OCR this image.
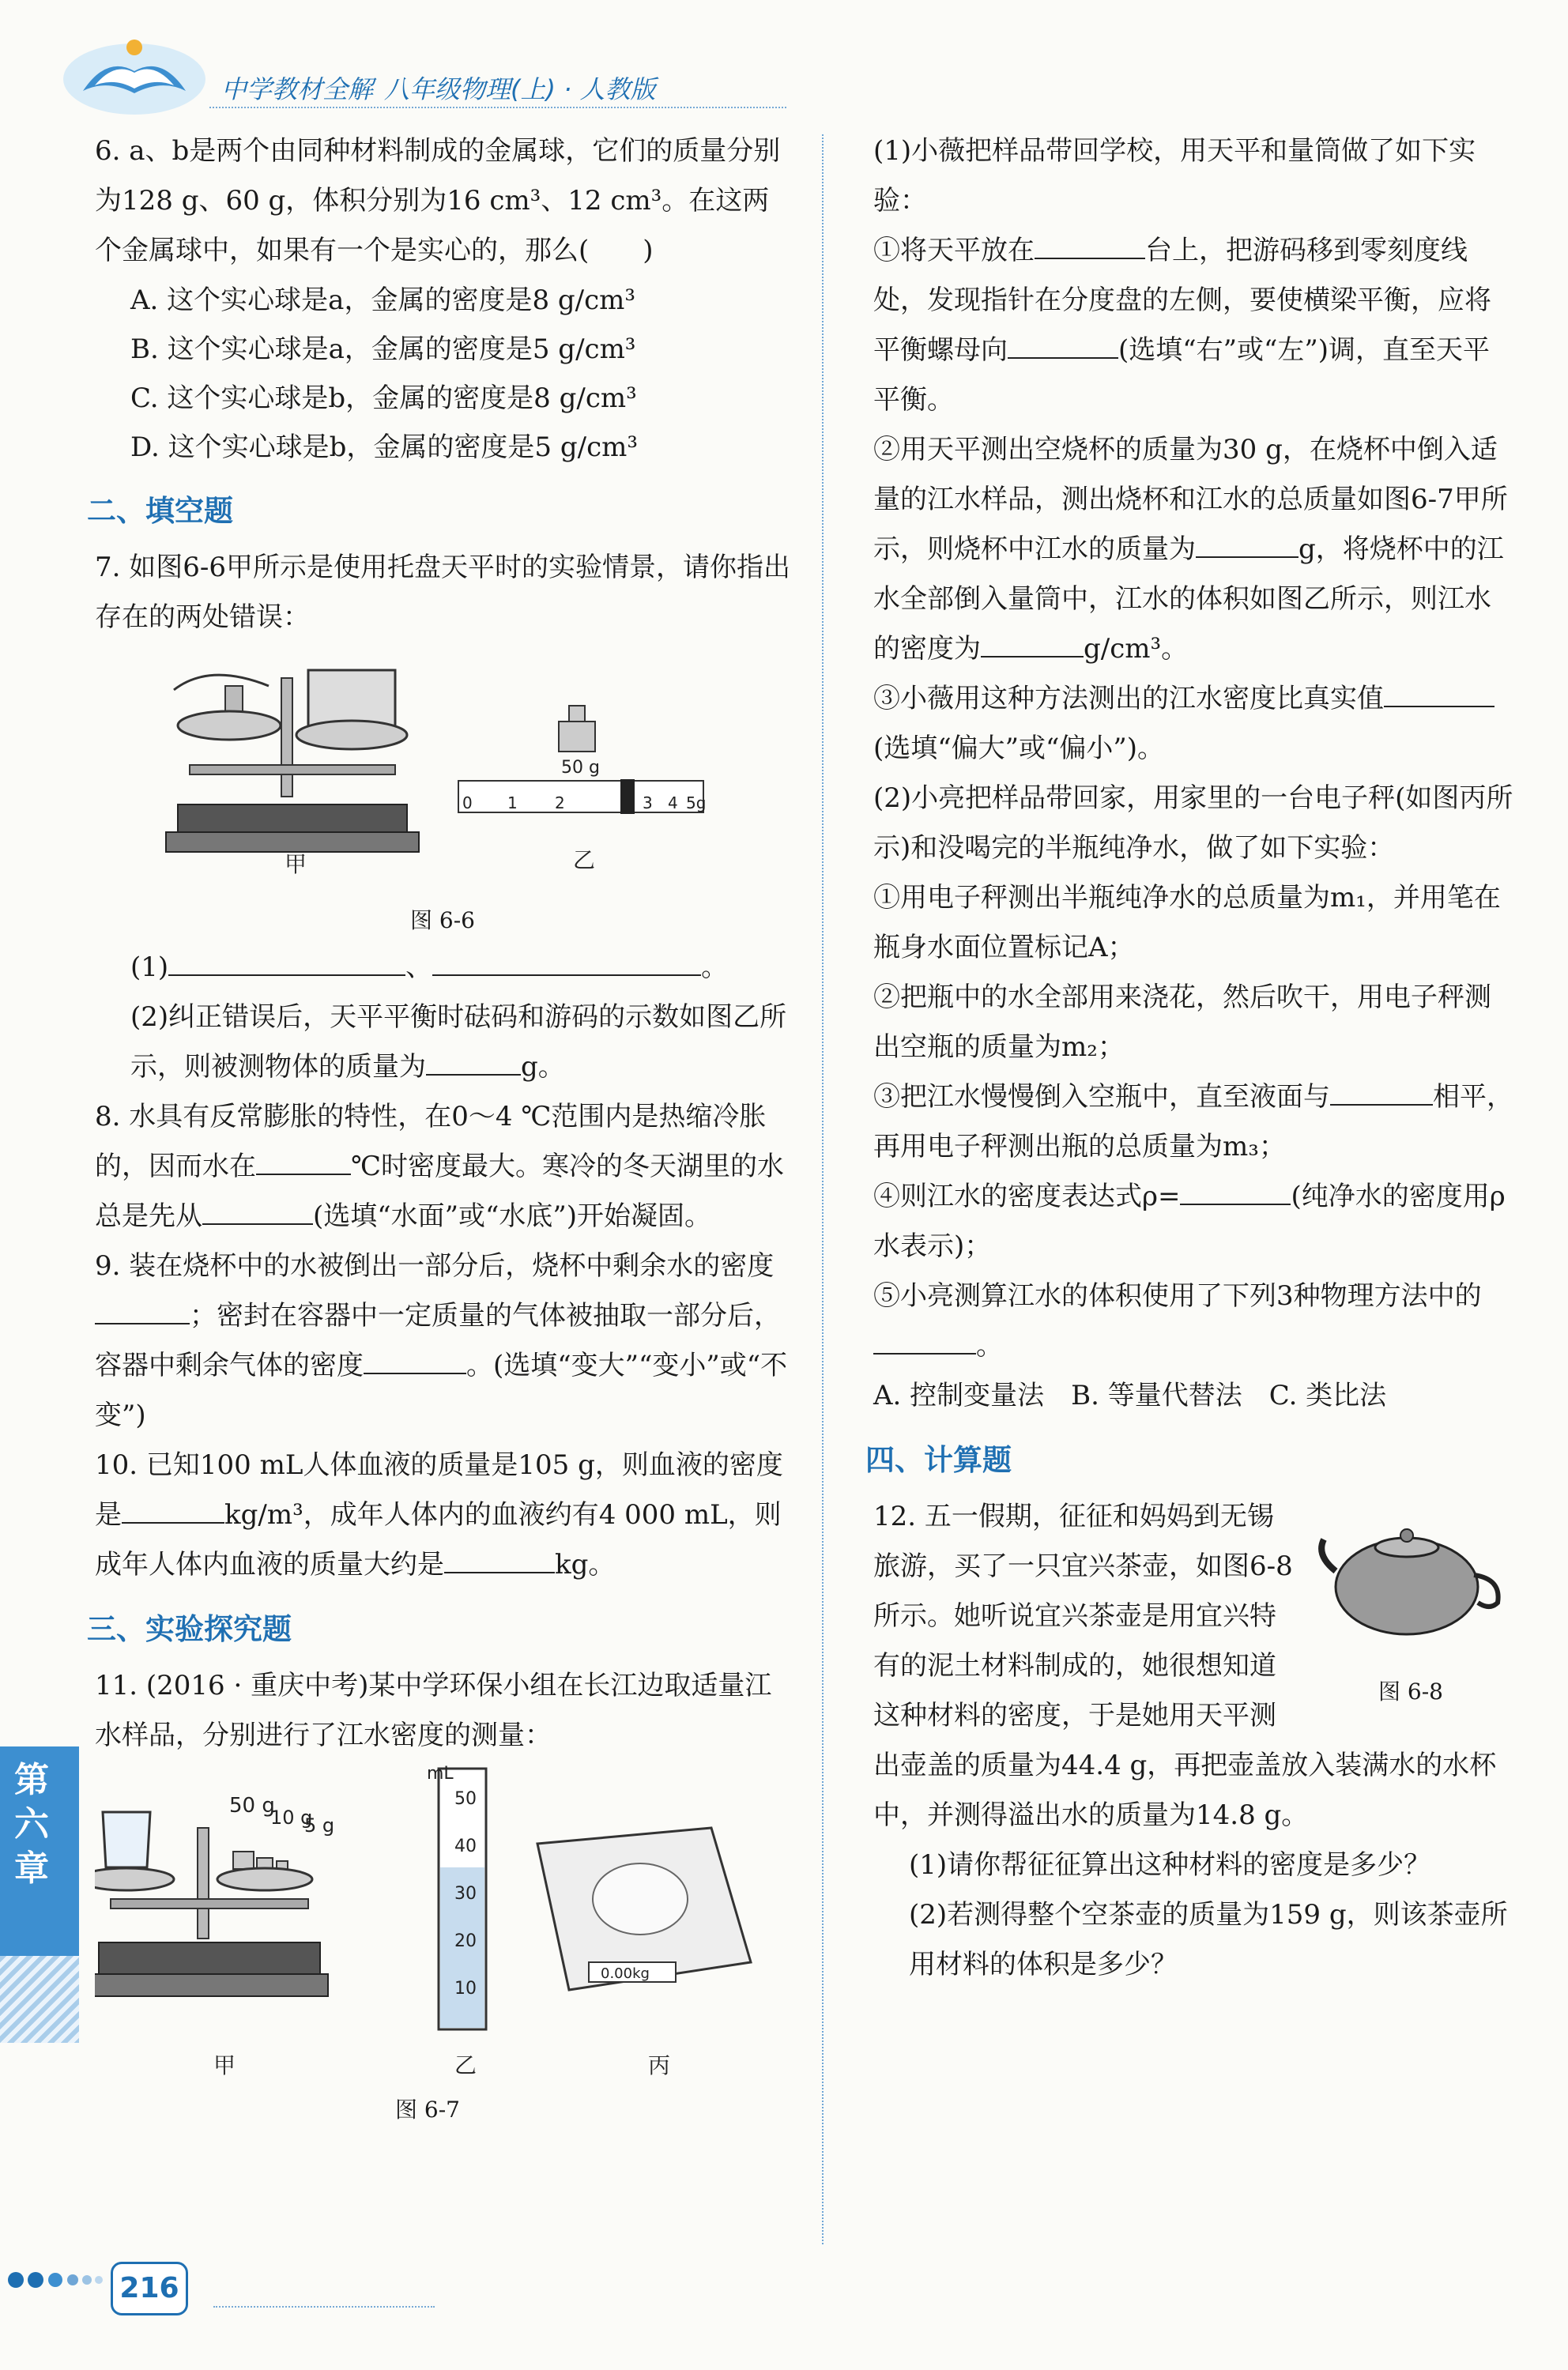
中学教材全解 八年级物理(上) · 人教版

6. a、b是两个由同种材料制成的金属球，它们的质量分别为128 g、60 g，体积分别为16 cm³、12 cm³。在这两个金属球中，如果有一个是实心的，那么(　　)

A. 这个实心球是a，金属的密度是8 g/cm³

B. 这个实心球是a，金属的密度是5 g/cm³

C. 这个实心球是b，金属的密度是8 g/cm³

D. 这个实心球是b，金属的密度是5 g/cm³

二、填空题

7. 如图6-6甲所示是使用托盘天平时的实验情景，请你指出存在的两处错误：

甲
50 g
0 1 2	3 4 5g
乙
图 6-6

(1)	、	。

(2)纠正错误后，天平平衡时砝码和游码的示数如图乙所示，则被测物体的质量为	g。

8. 水具有反常膨胀的特性，在0～4 ℃范围内是热缩冷胀的，因而水在	℃时密度最大。寒冷的冬天湖里的水总是先从	(选填“水面”或“水底”)开始凝固。

9. 装在烧杯中的水被倒出一部分后，烧杯中剩余水的密度；密封在容器中一定质量的气体被抽取一部分后，容器中剩余气体的密度	。(选填“变大”“变小”或“不变”)

10. 已知100 mL人体血液的质量是105 g，则血液的密度是	kg/m³，成年人体内的血液约有4 000 mL，则成年人体内血液的质量大约是	kg。

三、实验探究题

11. (2016 · 重庆中考)某中学环保小组在长江边取适量江水样品，分别进行了江水密度的测量：

50 g
10 g
5 g
mL
50
40
30
20
10
0.00kg
甲	乙	丙
图 6-7

(1)小薇把样品带回学校，用天平和量筒做了如下实验：

①将天平放在	台上，把游码移到零刻度线处，发现指针在分度盘的左侧，要使横梁平衡，应将平衡螺母向	(选填“右”或“左”)调，直至天平平衡。

②用天平测出空烧杯的质量为30 g，在烧杯中倒入适量的江水样品，测出烧杯和江水的总质量如图6-7甲所示，则烧杯中江水的质量为	g，将烧杯中的江水全部倒入量筒中，江水的体积如图乙所示，则江水的密度为	g/cm³。

③小薇用这种方法测出的江水密度比真实值(选填“偏大”或“偏小”)。

(2)小亮把样品带回家，用家里的一台电子秤(如图丙所示)和没喝完的半瓶纯净水，做了如下实验：

①用电子秤测出半瓶纯净水的总质量为m₁，并用笔在瓶身水面位置标记A；

②把瓶中的水全部用来浇花，然后吹干，用电子秤测出空瓶的质量为m₂；

③把江水慢慢倒入空瓶中，直至液面与	相平，再用电子秤测出瓶的总质量为m₃；

④则江水的密度表达式ρ=	(纯净水的密度用ρ水表示)；

⑤小亮测算江水的体积使用了下列3种物理方法中的。

A. 控制变量法　B. 等量代替法　C. 类比法

四、计算题
图 6-8

12. 五一假期，征征和妈妈到无锡旅游，买了一只宜兴茶壶，如图6-8所示。她听说宜兴茶壶是用宜兴特有的泥土材料制成的，她很想知道这种材料的密度，于是她用天平测出壶盖的质量为44.4 g，再把壶盖放入装满水的水杯中，并测得溢出水的质量为14.8 g。

(1)请你帮征征算出这种材料的密度是多少？

(2)若测得整个空茶壶的质量为159 g，则该茶壶所用材料的体积是多少？

第六章
216
